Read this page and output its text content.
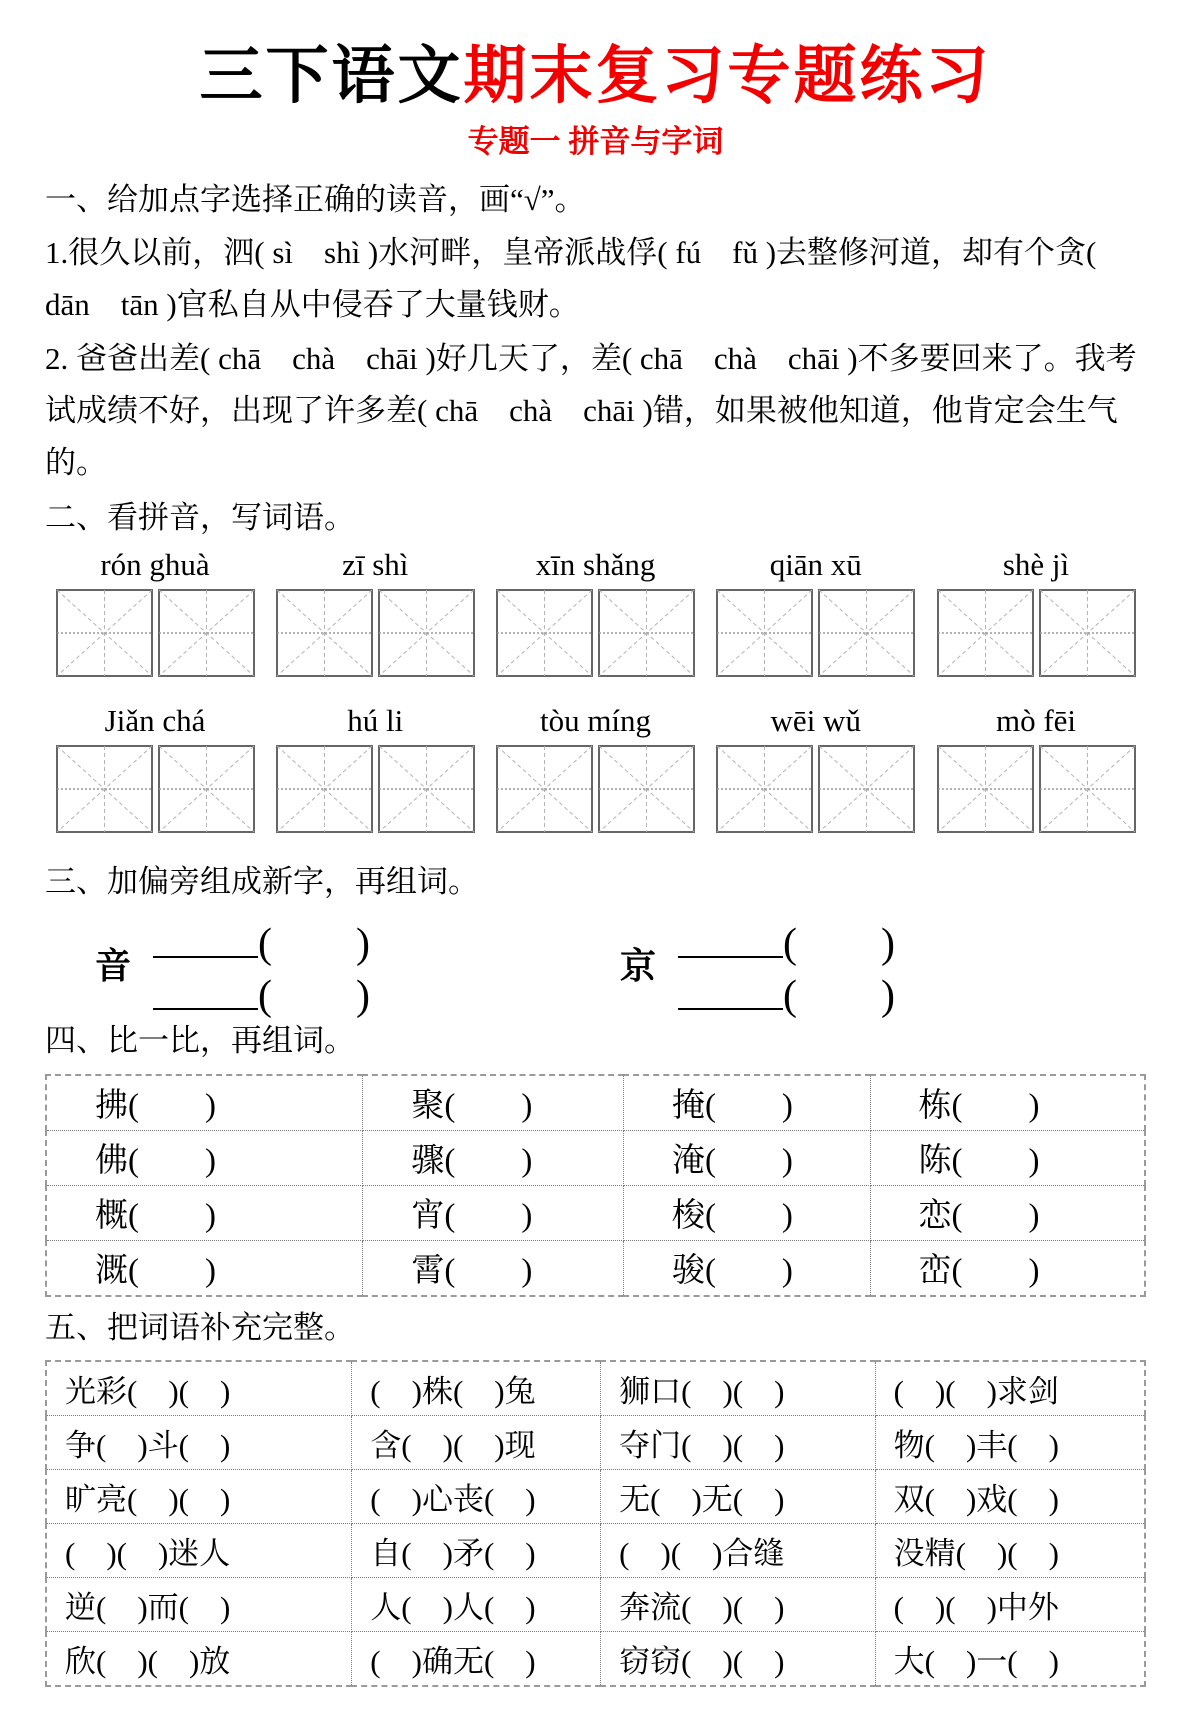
三下语文期末复习专题练习
专题一 拼音与字词
一、给加点字选择正确的读音，画“√”。

1.很久以前，泗( sì　shì )水河畔，皇帝派战俘( fú　fǔ )去整修河道，却有个贪( dān　tān )官私自从中侵吞了大量钱财。

2. 爸爸出差( chā　chà　chāi )好几天了，差( chā　chà　chāi )不多要回来了。我考试成绩不好，出现了许多差( chā　chà　chāi )错，如果被他知道，他肯定会生气的。

二、看拼音，写词语。
rón ghuà	zī shì	xīn shǎng	qiān xū	shè jì
Jiǎn chá	hú li	tòu míng	wēi wǔ	mò fēi
三、加偏旁组成新字，再组词。
音	(　　)
(　　)
京	(　　)
(　　)
四、比一比，再组词。
拂(　　)	聚(　　)	掩(　　)	栋(　　)
佛(　　)	骤(　　)	淹(　　)	陈(　　)
概(　　)	宵(　　)	梭(　　)	恋(　　)
溉(　　)	霄(　　)	骏(　　)	峦(　　)
五、把词语补充完整。
光彩(　)(　)	(　)株(　)兔	狮口(　)(　)	(　)(　)求剑
争(　)斗(　)	含(　)(　)现	夺门(　)(　)	物(　)丰(　)
旷亮(　)(　)	(　)心丧(　)	无(　)无(　)	双(　)戏(　)
(　)(　)迷人	自(　)矛(　)	(　)(　)合缝	没精(　)(　)
逆(　)而(　)	人(　)人(　)	奔流(　)(　)	(　)(　)中外
欣(　)(　)放	(　)确无(　)	窃窃(　)(　)	大(　)一(　)
